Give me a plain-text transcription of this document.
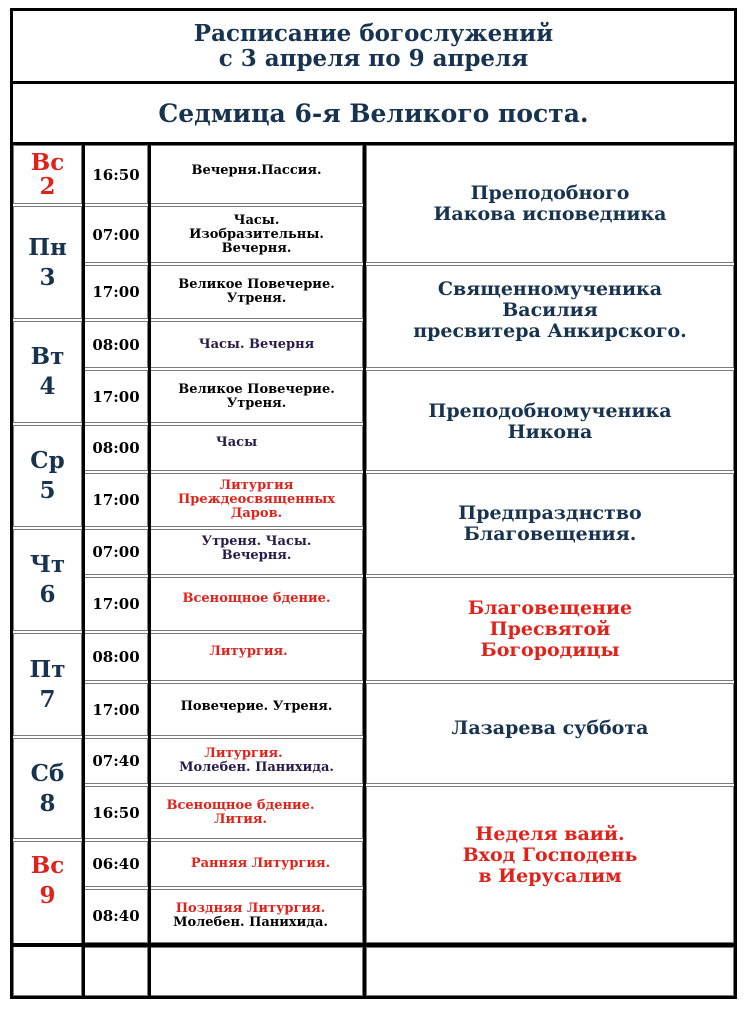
Расписание богослужений
с 3 апреля по 9 апреля
Седмица 6-я Великого поста.
Вс
2
Пн
3
Вт
4
Ср
5
Чт
6
Пт
7
Сб
8
Вс
9
16:50
07:00
17:00
08:00
17:00
08:00
17:00
07:00
17:00
08:00
17:00
07:40
16:50
06:40
08:40
Вечерня.Пассия.
Часы.
Изобразительны.
Вечерня.
Великое Повечерие.
Утреня.
Часы. Вечерня
Великое Повечерие.
Утреня.
Часы
Литургия
Преждеосвященных
Даров.
Утреня. Часы.
Вечерня.
Всенощное бдение.
Литургия.
Повечерие. Утреня.
Литургия.
Молебен. Панихида.
Всенощное бдение.
Лития.
Ранняя Литургия.
Поздняя Литургия.
Молебен. Панихида.
Преподобного
Иакова исповедника
Священномученика
Василия
пресвитера Анкирского.
Преподобномученика
Никона
Предпразднство
Благовещения.
Благовещение
Пресвятой
Богородицы
Лазарева суббота
Неделя ваий.
Вход Господень
в Иерусалим
